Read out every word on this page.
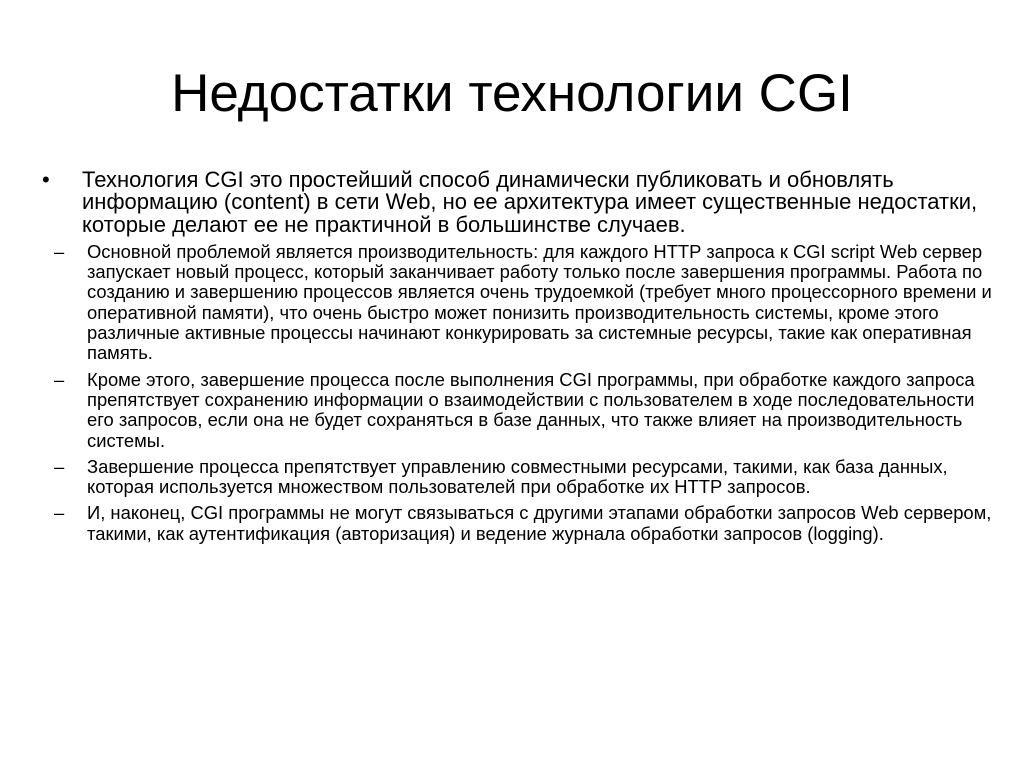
Недостатки технологии CGI
•	Технология CGI это простейший способ динамически публиковать и обновлять информацию (content) в сети Web, но ее архитектура имеет существенные недостатки, которые делают ее не практичной в большинстве случаев.
–	Основной проблемой является производительность: для каждого HTTP запроса к CGI script Web сервер запускает новый процесс, который заканчивает работу только после завершения программы. Работа по созданию и завершению процессов является очень трудоемкой (требует много процессорного времени и оперативной памяти), что очень быстро может понизить производительность системы, кроме этого различные активные процессы начинают конкурировать за системные ресурсы, такие как оперативная память.
–	Кроме этого, завершение процесса после выполнения CGI программы, при обработке каждого запроса препятствует сохранению информации о взаимодействии с пользователем в ходе последовательности его запросов, если она не будет сохраняться в базе данных, что также влияет на производительность системы.
–	Завершение процесса препятствует управлению совместными ресурсами, такими, как база данных, которая используется множеством пользователей при обработке их HTTP запросов.
–	И, наконец, CGI программы не могут связываться с другими этапами обработки запросов Web сервером, такими, как аутентификация (авторизация) и ведение журнала обработки запросов (logging).
